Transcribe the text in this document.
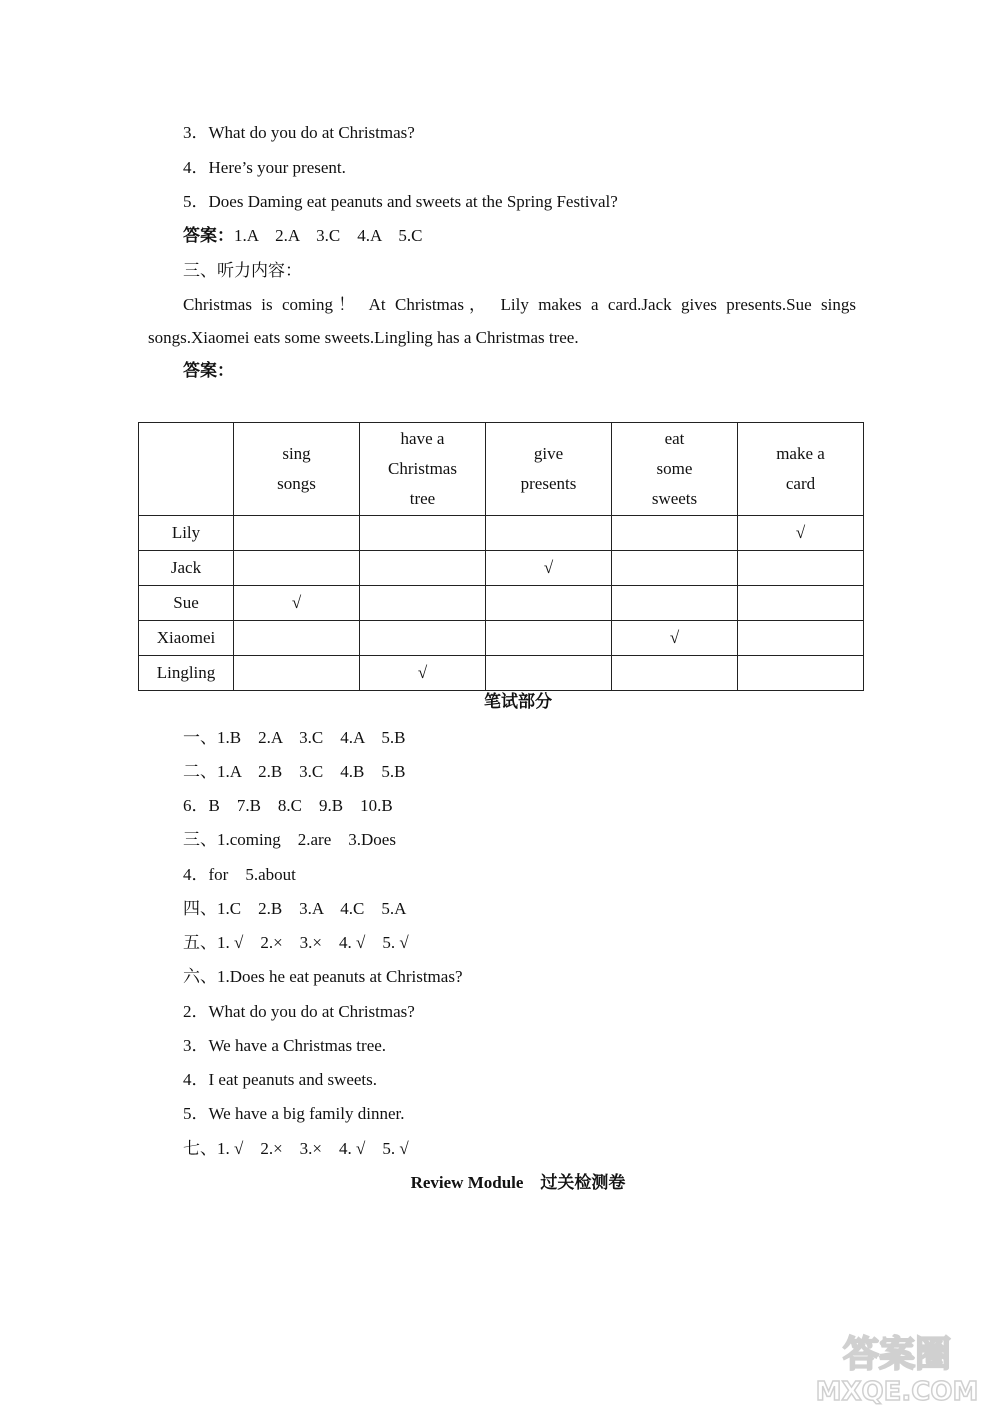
3．What do you do at Christmas?
4．Here’s your present.
5．Does Daming eat peanuts and sweets at the Spring Festival?
答案：1.A　2.A　3.C　4.A　5.C
三、听力内容：
Christmas is coming！ At Christmas， Lily makes a card.Jack gives presents.Sue sings
songs.Xiaomei eats some sweets.Lingling has a Christmas tree.
答案：

	sing
songs	have a
Christmas
tree	give
presents	eat
some
sweets	make a
card

Lily					√
Jack			√		
Sue	√				
Xiaomei				√	
Lingling		√			
笔试部分
一、1.B　2.A　3.C　4.A　5.B
二、1.A　2.B　3.C　4.B　5.B
6．B　7.B　8.C　9.B　10.B
三、1.coming　2.are　3.Does
4．for　5.about
四、1.C　2.B　3.A　4.C　5.A
五、1. √　2.×　3.×　4. √　5. √
六、1.Does he eat peanuts at Christmas?
2．What do you do at Christmas?
3．We have a Christmas tree.
4．I eat peanuts and sweets.
5．We have a big family dinner.
七、1. √　2.×　3.×　4. √　5. √
Review Module　 过关检测卷
答案圈
MXQE.COM
